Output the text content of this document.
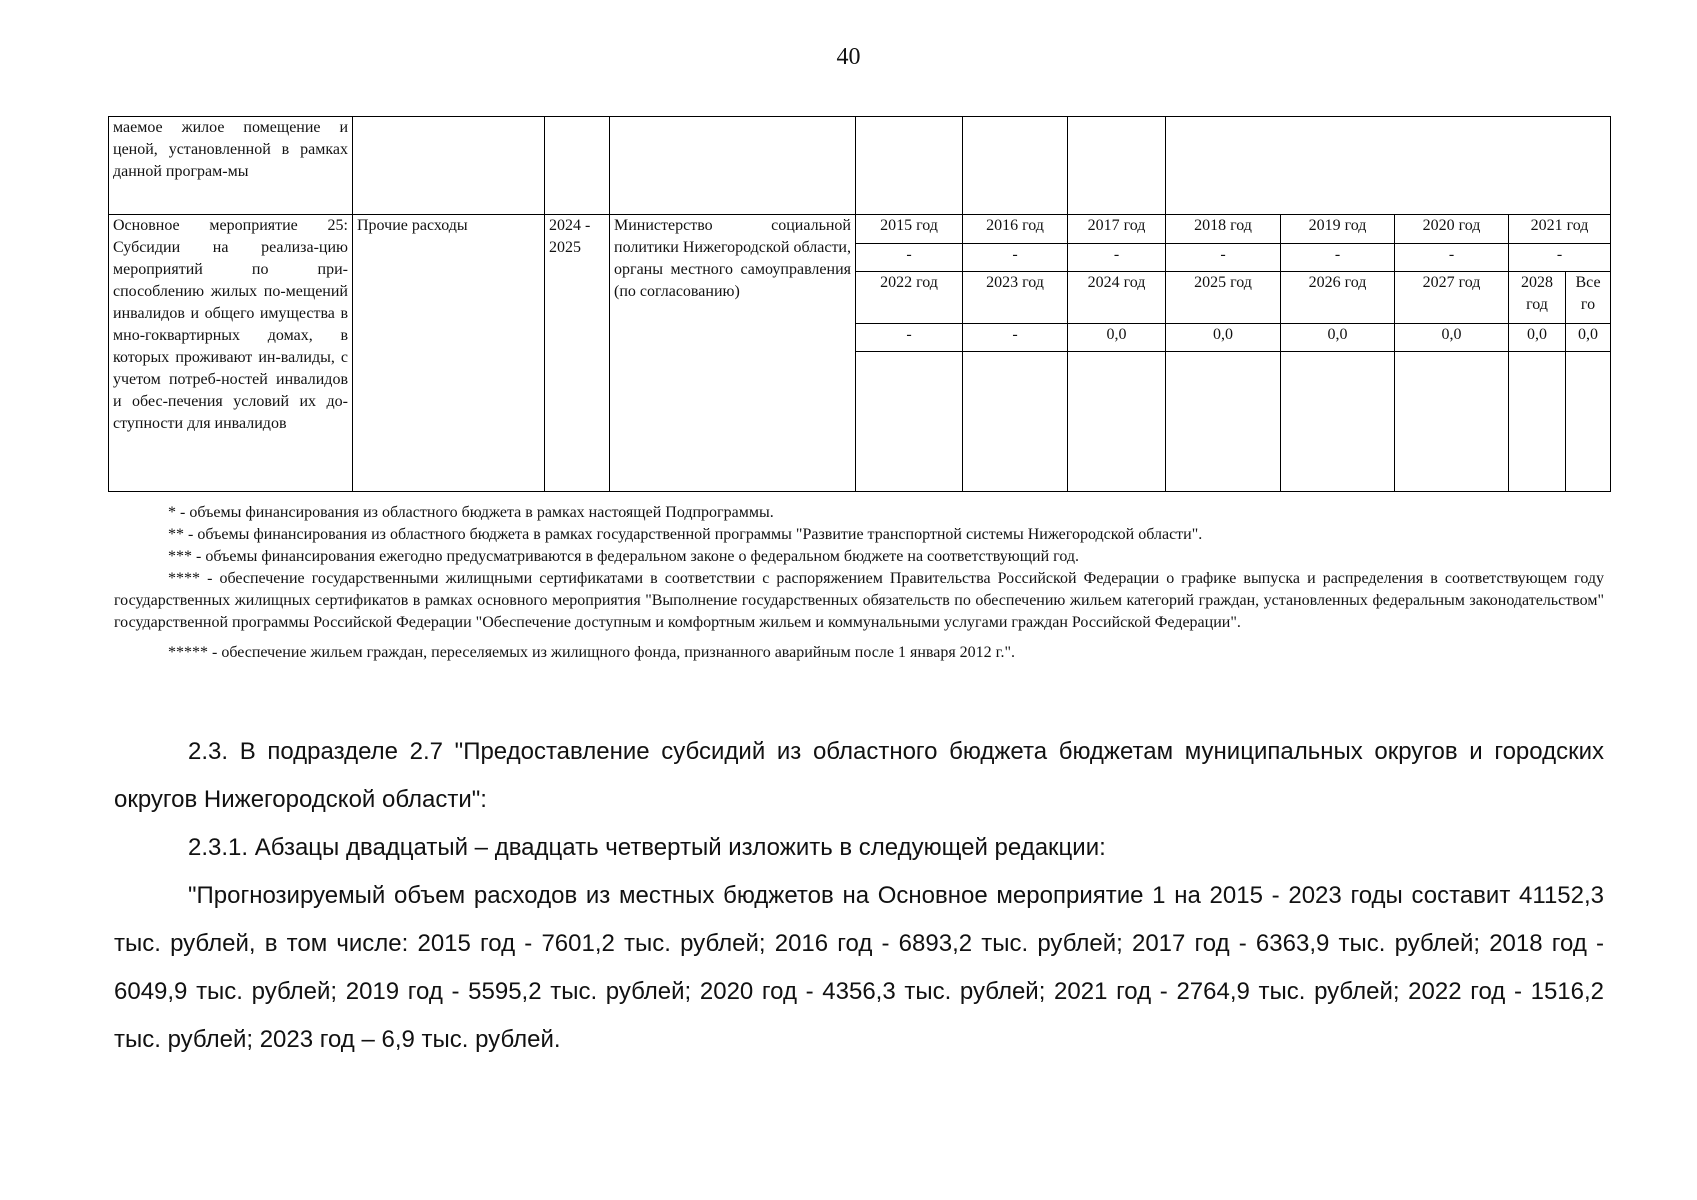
40
маемое жилое помещение и ценой, установленной в рамках данной програм-мы											
Основное мероприятие 25: Субсидии на реализа-цию мероприятий по при-способлению жилых по-мещений инвалидов и общего имущества в мно-гоквартирных домах, в которых проживают ин-валиды, с учетом потреб-ностей инвалидов и обес-печения условий их до-ступности для инвалидов	Прочие расходы	2024 - 2025	Министерство социальной политики Нижегородской области, органы местного самоуправления (по согласованию)	2015 год	2016 год	2017 год	2018 год	2019 год	2020 год	2021 год	
				-	-	-	-	-	-	-	
				2022 год	2023 год	2024 год	2025 год	2026 год	2027 год	2028 год	Все го
				-	-	0,0	0,0	0,0	0,0	0,0	0,0

* - объемы финансирования из областного бюджета в рамках настоящей Подпрограммы.

** - объемы финансирования из областного бюджета в рамках государственной программы "Развитие транспортной системы Нижегородской области".

*** - объемы финансирования ежегодно предусматриваются в федеральном законе о федеральном бюджете на соответствующий год.

**** - обеспечение государственными жилищными сертификатами в соответствии с распоряжением Правительства Российской Федерации о графике выпуска и распределения в соответствующем году государственных жилищных сертификатов в рамках основного мероприятия "Выполнение государственных обязательств по обеспечению жильем категорий граждан, установленных федеральным законодательством" государственной программы Российской Федерации "Обеспечение доступным и комфортным жильем и коммунальными услугами граждан Российской Федерации".

***** - обеспечение жильем граждан, переселяемых из жилищного фонда, признанного аварийным после 1 января 2012 г.".

2.3. В подразделе 2.7 "Предоставление субсидий из областного бюджета бюджетам муниципальных округов и городских округов Нижегородской области":

2.3.1. Абзацы двадцатый – двадцать четвертый изложить в следующей редакции:

"Прогнозируемый объем расходов из местных бюджетов на Основное мероприятие 1 на 2015 - 2023 годы составит 41152,3 тыс. рублей, в том числе: 2015 год - 7601,2 тыс. рублей; 2016 год - 6893,2 тыс. рублей; 2017 год - 6363,9 тыс. рублей; 2018 год - 6049,9 тыс. рублей; 2019 год - 5595,2 тыс. рублей; 2020 год - 4356,3 тыс. рублей; 2021 год - 2764,9 тыс. рублей; 2022 год - 1516,2 тыс. рублей; 2023 год – 6,9 тыс. рублей.
